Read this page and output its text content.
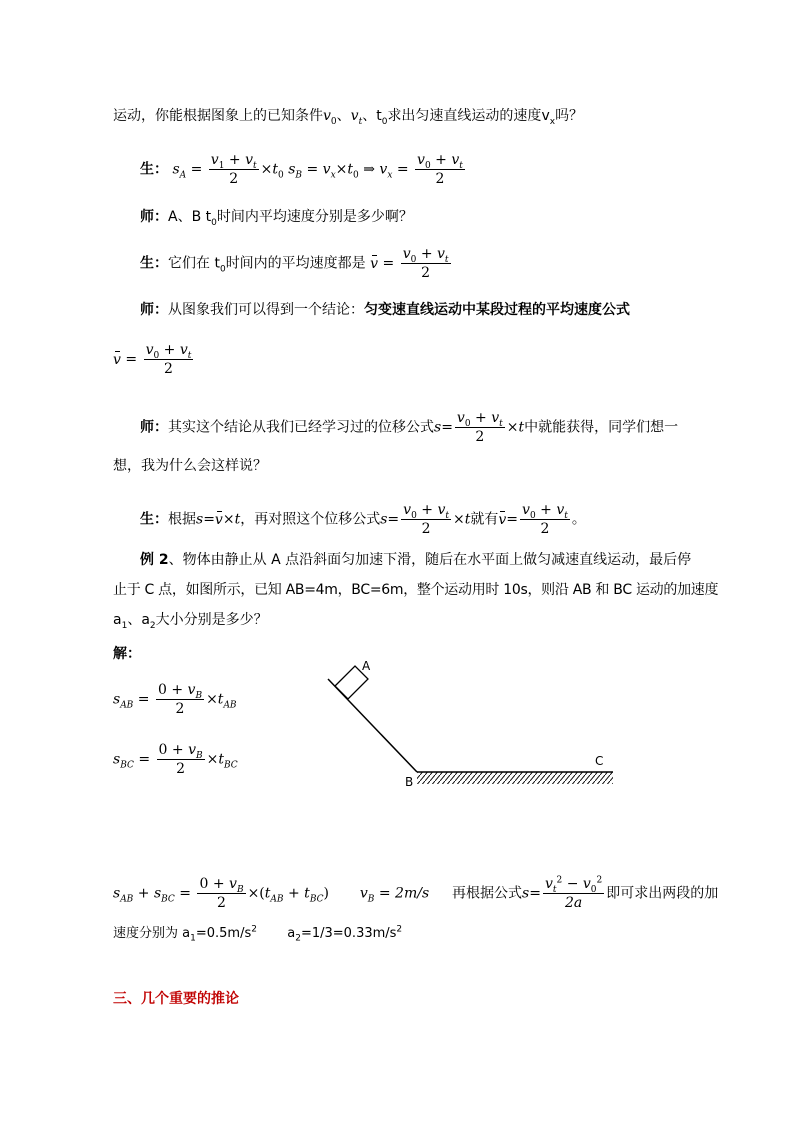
运动，你能根据图象上的已知条件$v_0$、$v_t$、$t_0$求出匀速直线运动的速度$v_x$吗？
生： $s_A = \frac{v_1 + v_t}{2} \times t_0$ $s_B = v_x\times t_0$ ⇒ $v_x = \frac{v_0 + v_t}{2}$
师：A、B $t_0$时间内平均速度分别是多少啊？
生：它们在 $t_0$时间内的平均速度都是 $v = \frac{v_0 + v_t}{2}$
师：从图象我们可以得到一个结论：匀变速直线运动中某段过程的平均速度公式
$v = \frac{v_0 + v_t}{2}$
师：其实这个结论从我们已经学习过的位移公式$s= \frac{v_0 + v_t}{2} \times t$中就能获得，同学们想一
想，我为什么会这样说？
生：根据s=v×t，再对照这个位移公式$s= \frac{v_0 + v_t}{2} \times t$就有$v= \frac{v_0 + v_t}{2}$ 。
例 2、物体由静止从 A 点沿斜面匀加速下滑，随后在水平面上做匀减速直线运动，最后停
止于 C 点，如图所示，已知 AB=4m，BC=6m，整个运动用时 10s，则沿 AB 和 BC 运动的加速度
$a_1$、$a_2$大小分别是多少？
解：
$s_{AB} = \frac{0 + v_B}{2} \times t_{AB}$
$s_{BC} = \frac{0 + v_B}{2} \times t_{BC}$
A
B
C
$s_{AB} + s_{BC} = \frac{0 + v_B}{2} \times(t_{AB} + t_{BC}) v_B = 2m/s$ 再根据公式$s= \frac{v_t^2 - v_0^2}{2a}$ 即可求出两段的加
速度分别为 $a_1=0.5m/s^2$ $a_2=1/3=0.33m/s^2$
三、几个重要的推论
